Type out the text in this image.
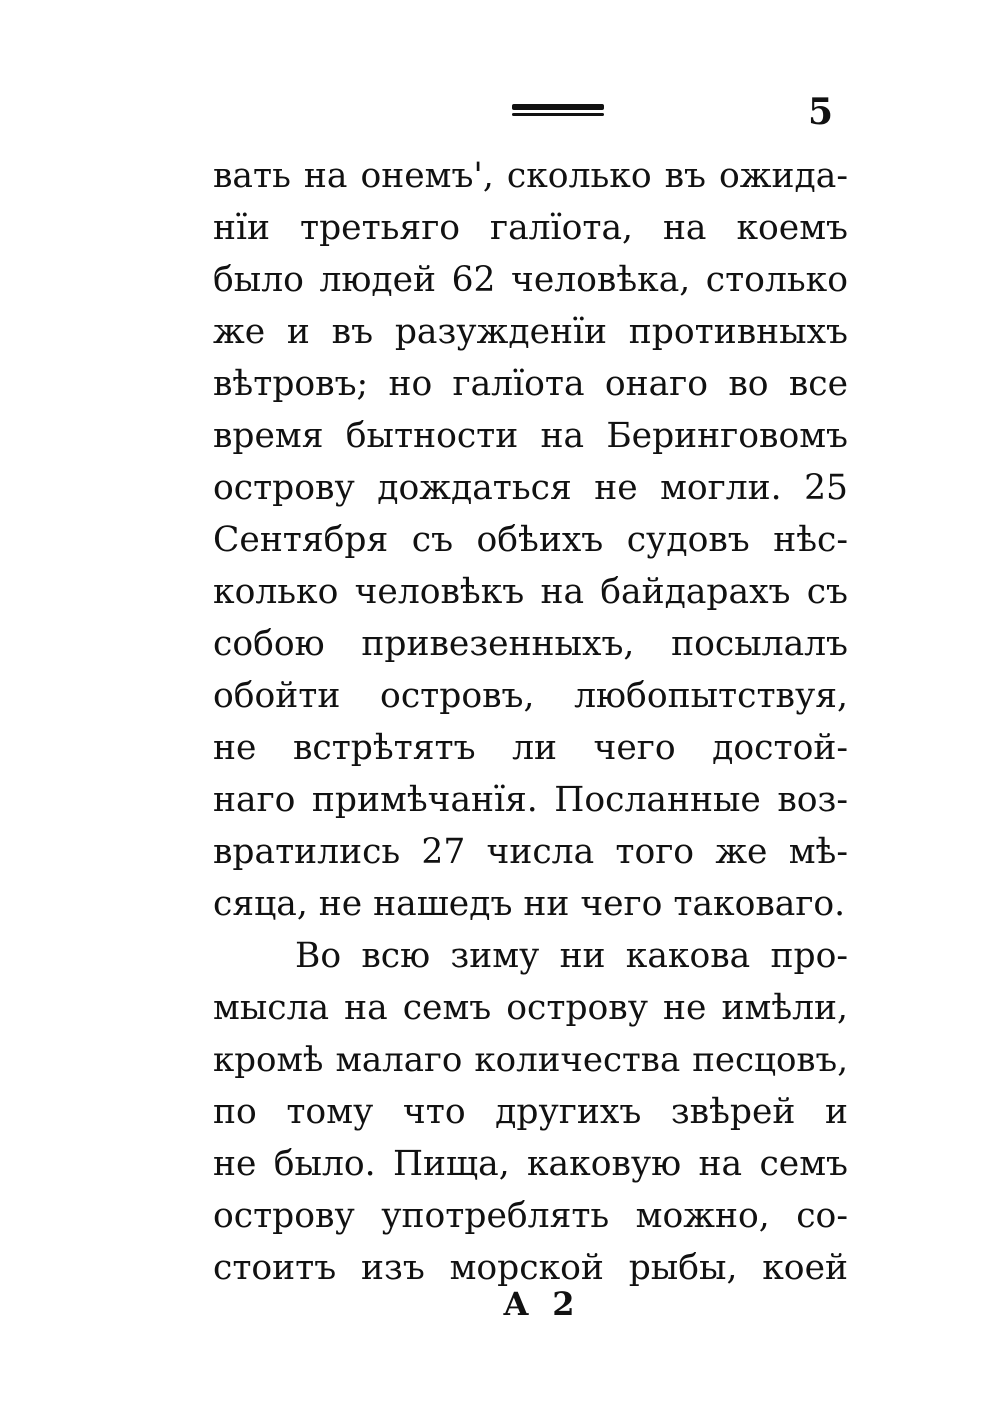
5
вать на онемъ', сколько въ ожида-
нїи третьяго галїота, на коемъ
было людей 62 человѣка, столько
же и въ разужденїи противныхъ
вѣтровъ; но галїота онаго во все
время бытности на Беринговомъ
острову дождаться не могли. 25
Сентября съ обѣихъ судовъ нѣс-
колько человѣкъ на байдарахъ съ
собою привезенныхъ, посылалъ
обойти островъ, любопытствуя,
не встрѣтятъ ли чего достой-
наго примѣчанїя. Посланные воз-
вратились 27 числа того же мѣ-
сяца, не нашедъ ни чего таковаго.
Во всю зиму ни какова про-
мысла на семъ острову не имѣли,
кромѣ малаго количества песцовъ,
по тому что другихъ звѣрей и
не было. Пища, каковую на семъ
острову употреблять можно, со-
стоитъ изъ морской рыбы, коей
А 2
